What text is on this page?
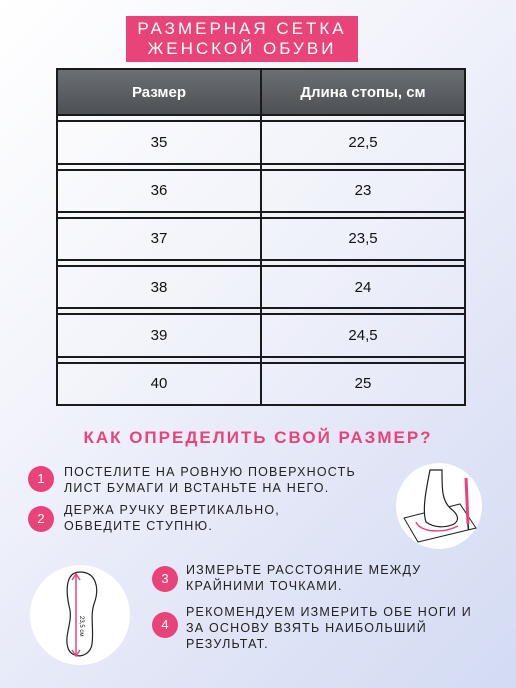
РАЗМЕРНАЯ СЕТКА
ЖЕНСКОЙ ОБУВИ
Размер	Длина стопы, см

35	22,5

36	23

37	23,5

38	24

39	24,5

40	25
КАК ОПРЕДЕЛИТЬ СВОЙ РАЗМЕР?
1	ПОСТЕЛИТЕ НА РОВНУЮ ПОВЕРХНОСТЬ
ЛИСТ БУМАГИ И ВСТАНЬТЕ НА НЕГО.
2
ДЕРЖА РУЧКУ ВЕРТИКАЛЬНО,
ОБВЕДИТЕ СТУПНЮ.
3
ИЗМЕРЬТЕ РАССТОЯНИЕ МЕЖДУ
КРАЙНИМИ ТОЧКАМИ.
4
РЕКОМЕНДУЕМ ИЗМЕРИТЬ ОБЕ НОГИ И
ЗА ОСНОВУ ВЗЯТЬ НАИБОЛЬШИЙ
РЕЗУЛЬТАТ.
23,5 см
